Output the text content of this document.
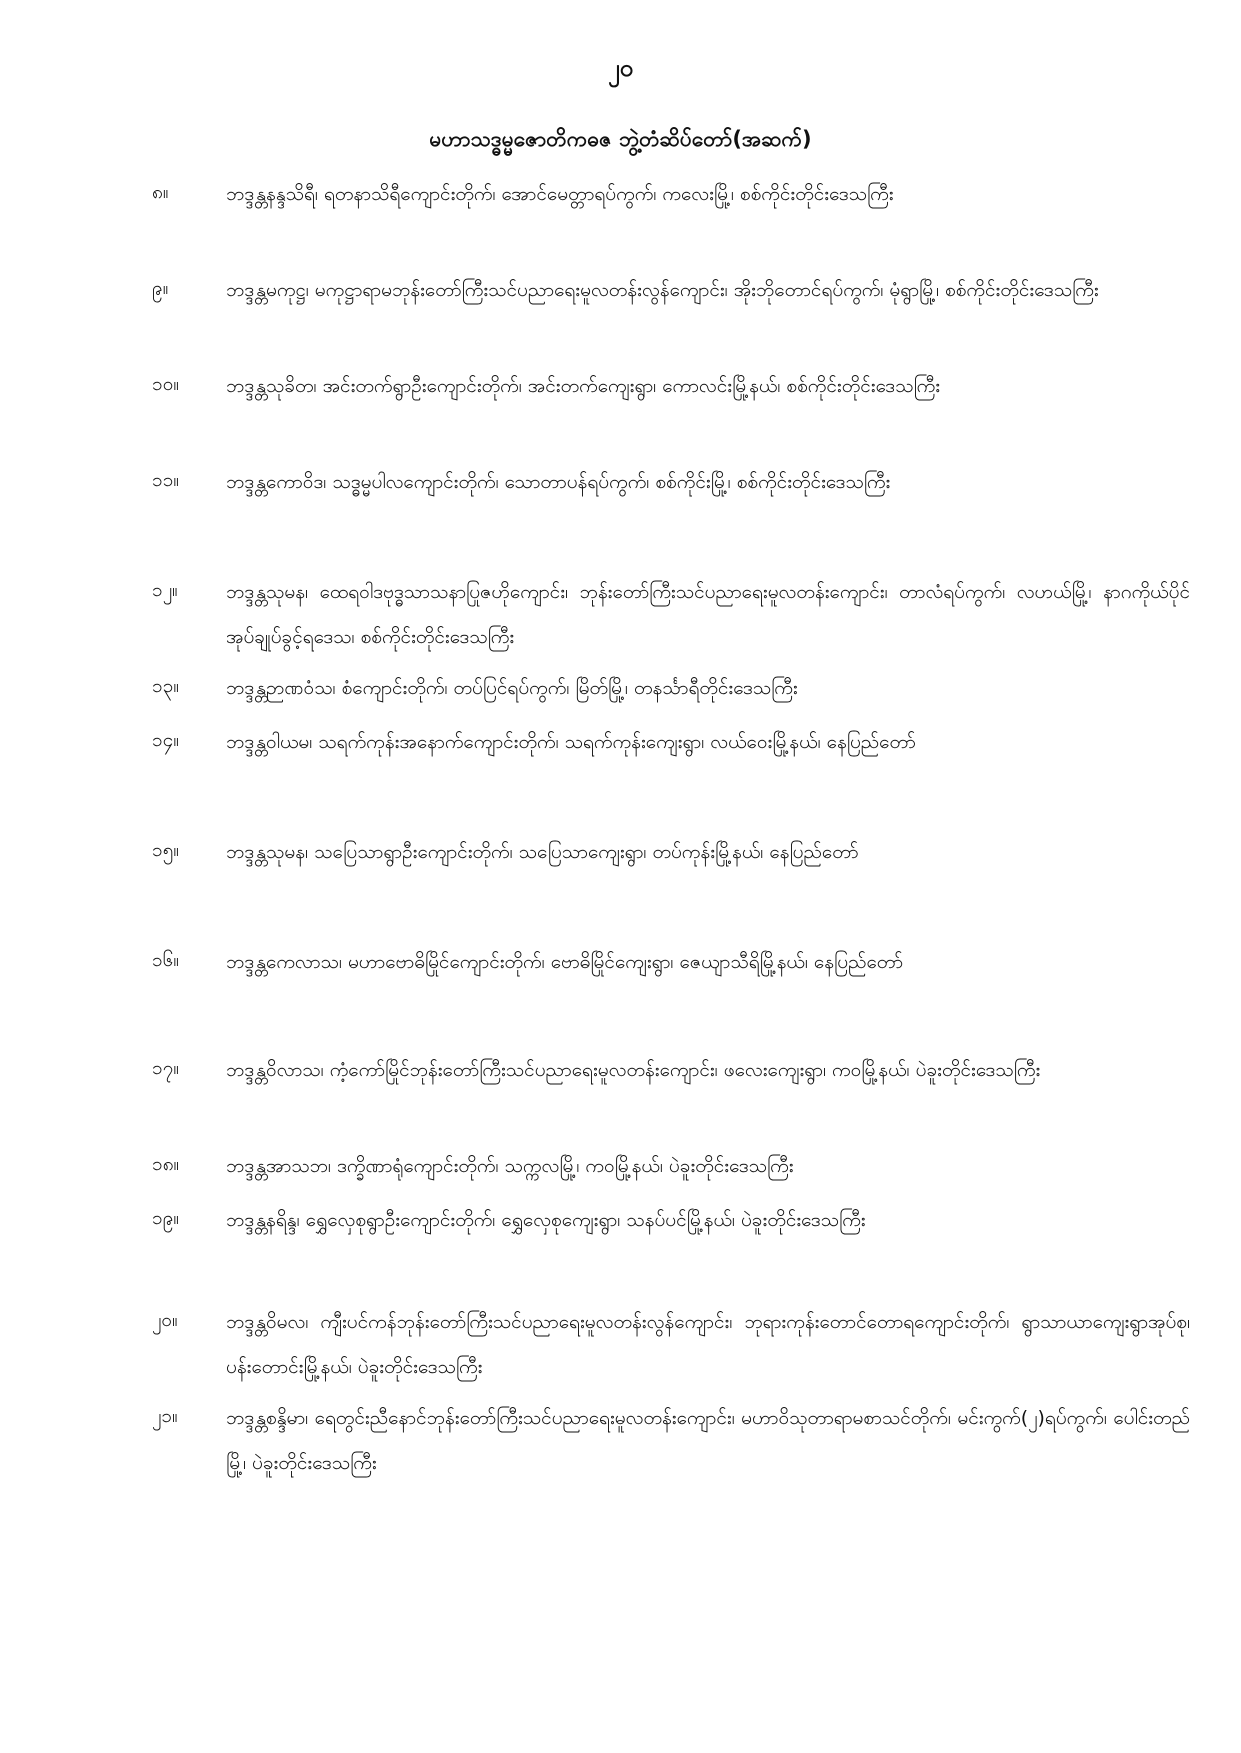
၂၀
မဟာသဒ္ဓမ္မဇောတိကဓဇ ဘွဲ့တံဆိပ်တော်(အဆက်)
၈။	ဘဒ္ဒန္တနန္ဒသိရီ၊ ရတနာသိရီကျောင်းတိုက်၊ အောင်မေတ္တာရပ်ကွက်၊ ကလေးမြို့၊ စစ်ကိုင်းတိုင်းဒေသကြီး

၉။	ဘဒ္ဒန္တမကုဋ္ဌ၊ မကုဋ္ဌာရာမဘုန်းတော်ကြီးသင်ပညာရေးမူလတန်းလွန်ကျောင်း၊ အိုးဘိုတောင်ရပ်ကွက်၊ မုံရွာမြို့၊ စစ်ကိုင်းတိုင်းဒေသကြီး

၁၀။	ဘဒ္ဒန္တသုခိတ၊ အင်းတက်ရွာဦးကျောင်းတိုက်၊ အင်းတက်ကျေးရွာ၊ ကောလင်းမြို့နယ်၊ စစ်ကိုင်းတိုင်းဒေသကြီး

၁၁။	ဘဒ္ဒန္တကောဝိဒ၊ သဒ္ဓမ္မပါလကျောင်းတိုက်၊ သောတာပန်ရပ်ကွက်၊ စစ်ကိုင်းမြို့၊ စစ်ကိုင်းတိုင်းဒေသကြီး

၁၂။	ဘဒ္ဒန္တသုမန၊ ထေရဝါဒဗုဒ္ဓသာသနာပြုဇဟိုကျောင်း၊ ဘုန်းတော်ကြီးသင်ပညာရေးမူလတန်းကျောင်း၊ တာလံရပ်ကွက်၊ လဟယ်မြို့၊ နာဂကိုယ်ပိုင်အုပ်ချုပ်ခွင့်ရဒေသ၊ စစ်ကိုင်းတိုင်းဒေသကြီး

၁၃။	ဘဒ္ဒန္တဉာဏဝံသ၊ စံကျောင်းတိုက်၊ တပ်ပြင်ရပ်ကွက်၊ မြိတ်မြို့၊ တနင်္သာရီတိုင်းဒေသကြီး

၁၄။	ဘဒ္ဒန္တဝါယမ၊ သရက်ကုန်းအနောက်ကျောင်းတိုက်၊ သရက်ကုန်းကျေးရွာ၊ လယ်ဝေးမြို့နယ်၊ နေပြည်တော်

၁၅။	ဘဒ္ဒန္တသုမန၊ သပြေသာရွာဦးကျောင်းတိုက်၊ သပြေသာကျေးရွာ၊ တပ်ကုန်းမြို့နယ်၊ နေပြည်တော်

၁၆။	ဘဒ္ဒန္တကေလာသ၊ မဟာဗောဓိမြိုင်ကျောင်းတိုက်၊ ဗောဓိမြိုင်ကျေးရွာ၊ ဇေယျာသီရိမြို့နယ်၊ နေပြည်တော်

၁၇။	ဘဒ္ဒန္တဝိလာသ၊ ကံ့ကော်မြိုင်ဘုန်းတော်ကြီးသင်ပညာရေးမူလတန်းကျောင်း၊ ဖလေးကျေးရွာ၊ ကဝမြို့နယ်၊ ပဲခူးတိုင်းဒေသကြီး

၁၈။	ဘဒ္ဒန္တအာသဘ၊ ဒက္ခိဏာရုံကျောင်းတိုက်၊ သက္ကလမြို့၊ ကဝမြို့နယ်၊ ပဲခူးတိုင်းဒေသကြီး

၁၉။	ဘဒ္ဒန္တနရိန္ဒ၊ ရွှေလှေစုရွာဦးကျောင်းတိုက်၊ ရွှေလှေစုကျေးရွာ၊ သနပ်ပင်မြို့နယ်၊ ပဲခူးတိုင်းဒေသကြီး

၂၀။	ဘဒ္ဒန္တဝိမလ၊ ကျီးပင်ကန်ဘုန်းတော်ကြီးသင်ပညာရေးမူလတန်းလွန်ကျောင်း၊ ဘုရားကုန်းတောင်တောရကျောင်းတိုက်၊ ရွာသာယာကျေးရွာအုပ်စု၊ ပန်းတောင်းမြို့နယ်၊ ပဲခူးတိုင်းဒေသကြီး

၂၁။	ဘဒ္ဒန္တစန္ဒိမာ၊ ရေတွင်းညီနောင်ဘုန်းတော်ကြီးသင်ပညာရေးမူလတန်းကျောင်း၊ မဟာဝိသုတာရာမစာသင်တိုက်၊ မင်းကွက်(၂)ရပ်ကွက်၊ ပေါင်းတည်မြို့၊ ပဲခူးတိုင်းဒေသကြီး
